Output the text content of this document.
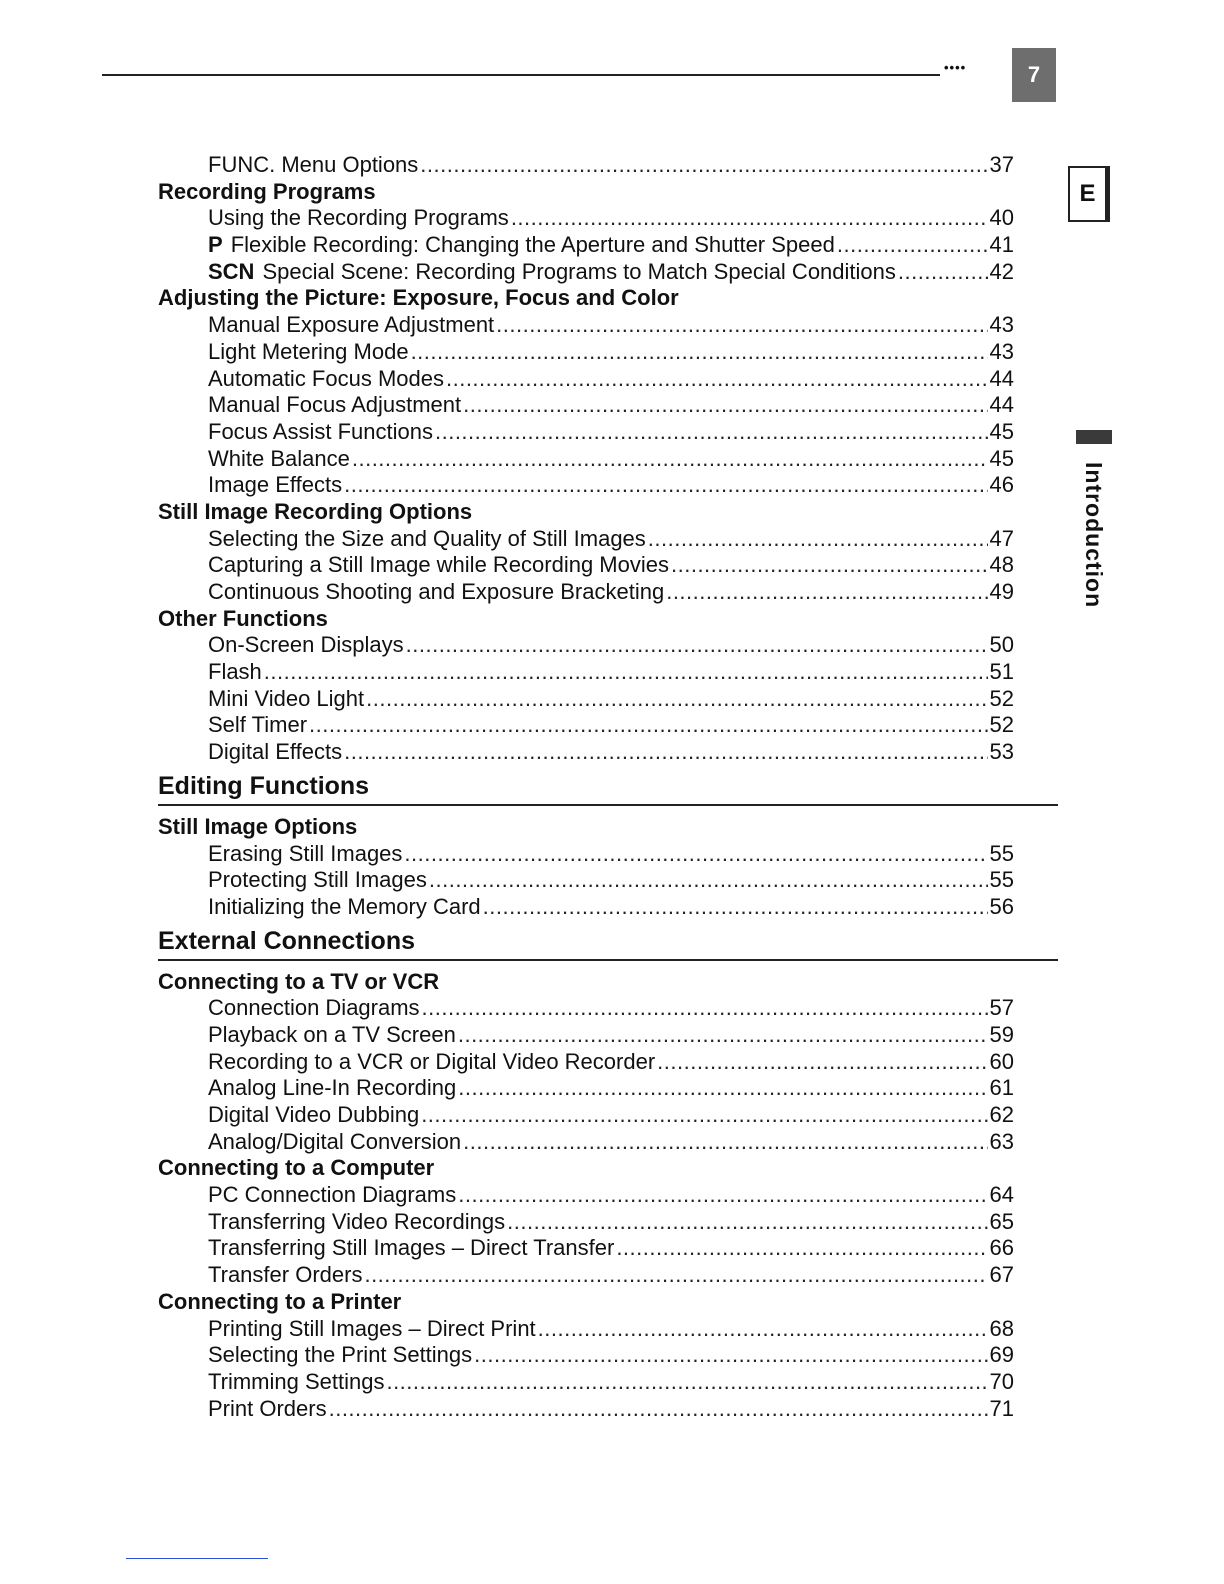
••••	7
E
Introduction
FUNC. Menu Options .....	37
Recording Programs
Using the Recording Programs .....	40
P Flexible Recording: Changing the Aperture and Shutter Speed .....	41
SCN Special Scene: Recording Programs to Match Special Conditions .....	42
Adjusting the Picture: Exposure, Focus and Color
Manual Exposure Adjustment .....	43
Light Metering Mode .....	43
Automatic Focus Modes .....	44
Manual Focus Adjustment .....	44
Focus Assist Functions .....	45
White Balance .....	45
Image Effects .....	46
Still Image Recording Options
Selecting the Size and Quality of Still Images .....	47
Capturing a Still Image while Recording Movies .....	48
Continuous Shooting and Exposure Bracketing .....	49
Other Functions
On-Screen Displays .....	50
Flash .....	51
Mini Video Light .....	52
Self Timer .....	52
Digital Effects .....	53
Editing Functions
Still Image Options
Erasing Still Images .....	55
Protecting Still Images .....	55
Initializing the Memory Card .....	56
External Connections
Connecting to a TV or VCR
Connection Diagrams .....	57
Playback on a TV Screen .....	59
Recording to a VCR or Digital Video Recorder .....	60
Analog Line-In Recording .....	61
Digital Video Dubbing .....	62
Analog/Digital Conversion .....	63
Connecting to a Computer
PC Connection Diagrams .....	64
Transferring Video Recordings .....	65
Transferring Still Images – Direct Transfer .....	66
Transfer Orders .....	67
Connecting to a Printer
Printing Still Images – Direct Print .....	68
Selecting the Print Settings .....	69
Trimming Settings .....	70
Print Orders .....	71
